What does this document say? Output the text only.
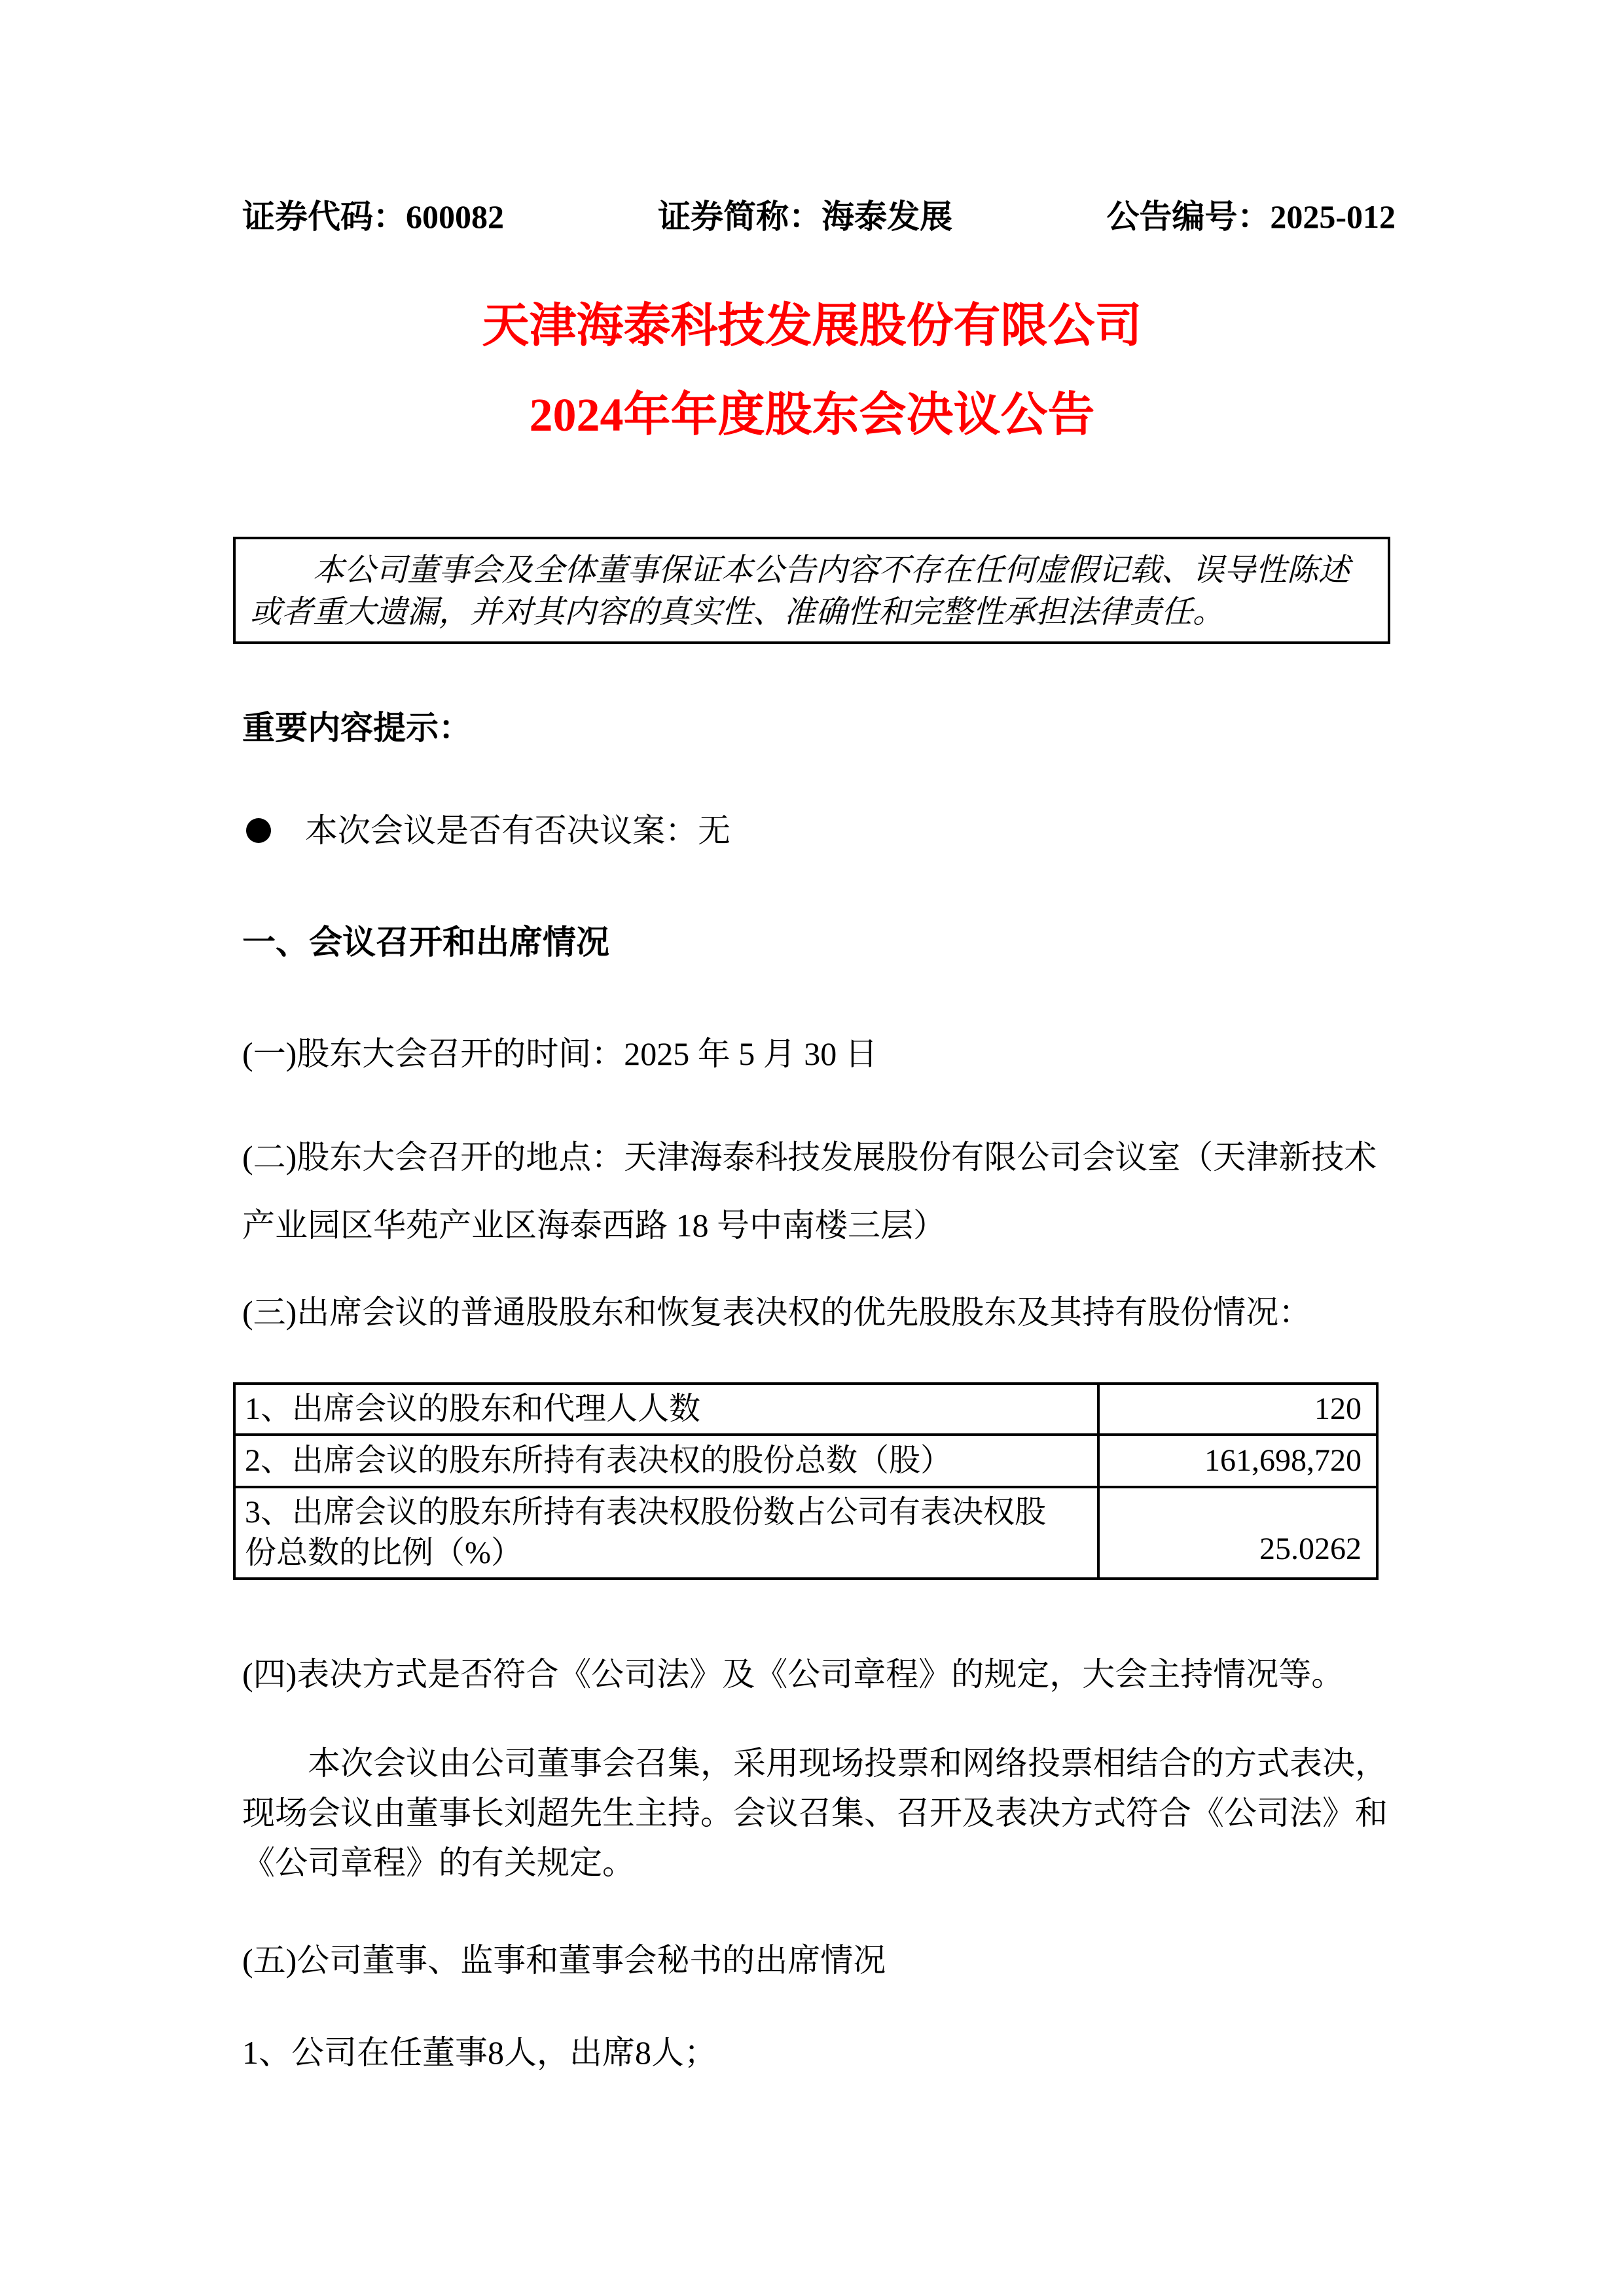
证券代码：600082	证券简称：海泰发展	公告编号：2025-012
天津海泰科技发展股份有限公司
2024年年度股东会决议公告

本公司董事会及全体董事保证本公告内容不存在任何虚假记载、误导性陈述或者重大遗漏，并对其内容的真实性、准确性和完整性承担法律责任。

重要内容提示：
本次会议是否有否决议案：无
一、会议召开和出席情况
(一)股东大会召开的时间：2025 年 5 月 30 日
(二)股东大会召开的地点：天津海泰科技发展股份有限公司会议室（天津新技术产业园区华苑产业区海泰西路 18 号中南楼三层）
(三)出席会议的普通股股东和恢复表决权的优先股股东及其持有股份情况：
1、出席会议的股东和代理人人数	120
2、出席会议的股东所持有表决权的股份总数（股）	161,698,720
3、出席会议的股东所持有表决权股份数占公司有表决权股份总数的比例（%）	25.0262
(四)表决方式是否符合《公司法》及《公司章程》的规定，大会主持情况等。

本次会议由公司董事会召集，采用现场投票和网络投票相结合的方式表决，现场会议由董事长刘超先生主持。会议召集、召开及表决方式符合《公司法》和《公司章程》的有关规定。

(五)公司董事、监事和董事会秘书的出席情况
1、公司在任董事8人，出席8人；
